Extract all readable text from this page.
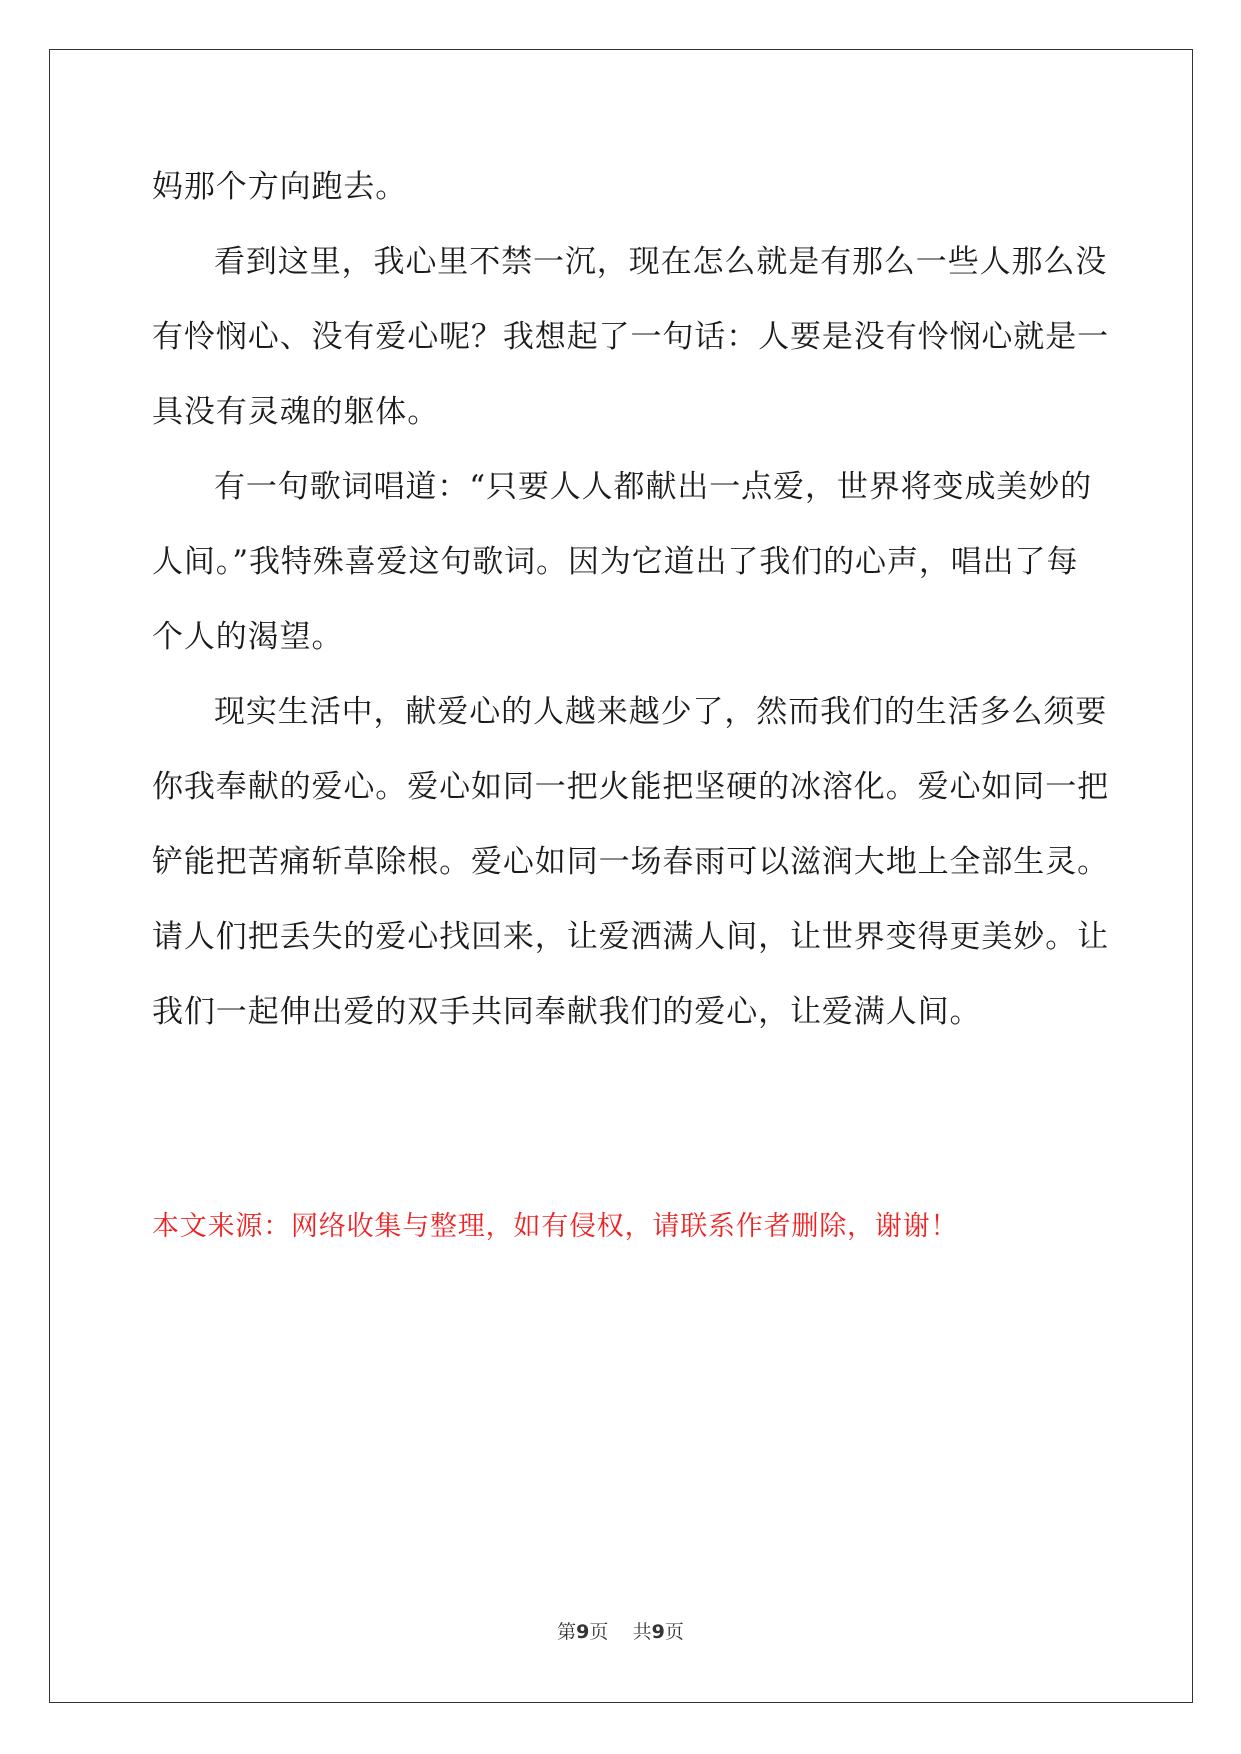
妈那个方向跑去。

看到这里，我心里不禁一沉，现在怎么就是有那么一些人那么没

有怜悯心、没有爱心呢？我想起了一句话：人要是没有怜悯心就是一
具没有灵魂的躯体。

有一句歌词唱道：“只要人人都献出一点爱，世界将变成美妙的

人间。”我特殊喜爱这句歌词。因为它道出了我们的心声，唱出了每
个人的渴望。

现实生活中，献爱心的人越来越少了，然而我们的生活多么须要

你我奉献的爱心。爱心如同一把火能把坚硬的冰溶化。爱心如同一把
铲能把苦痛斩草除根。爱心如同一场春雨可以滋润大地上全部生灵。
请人们把丢失的爱心找回来，让爱洒满人间，让世界变得更美妙。让
我们一起伸出爱的双手共同奉献我们的爱心，让爱满人间。

本文来源：网络收集与整理，如有侵权，请联系作者删除，谢谢！

第9页 共9页
